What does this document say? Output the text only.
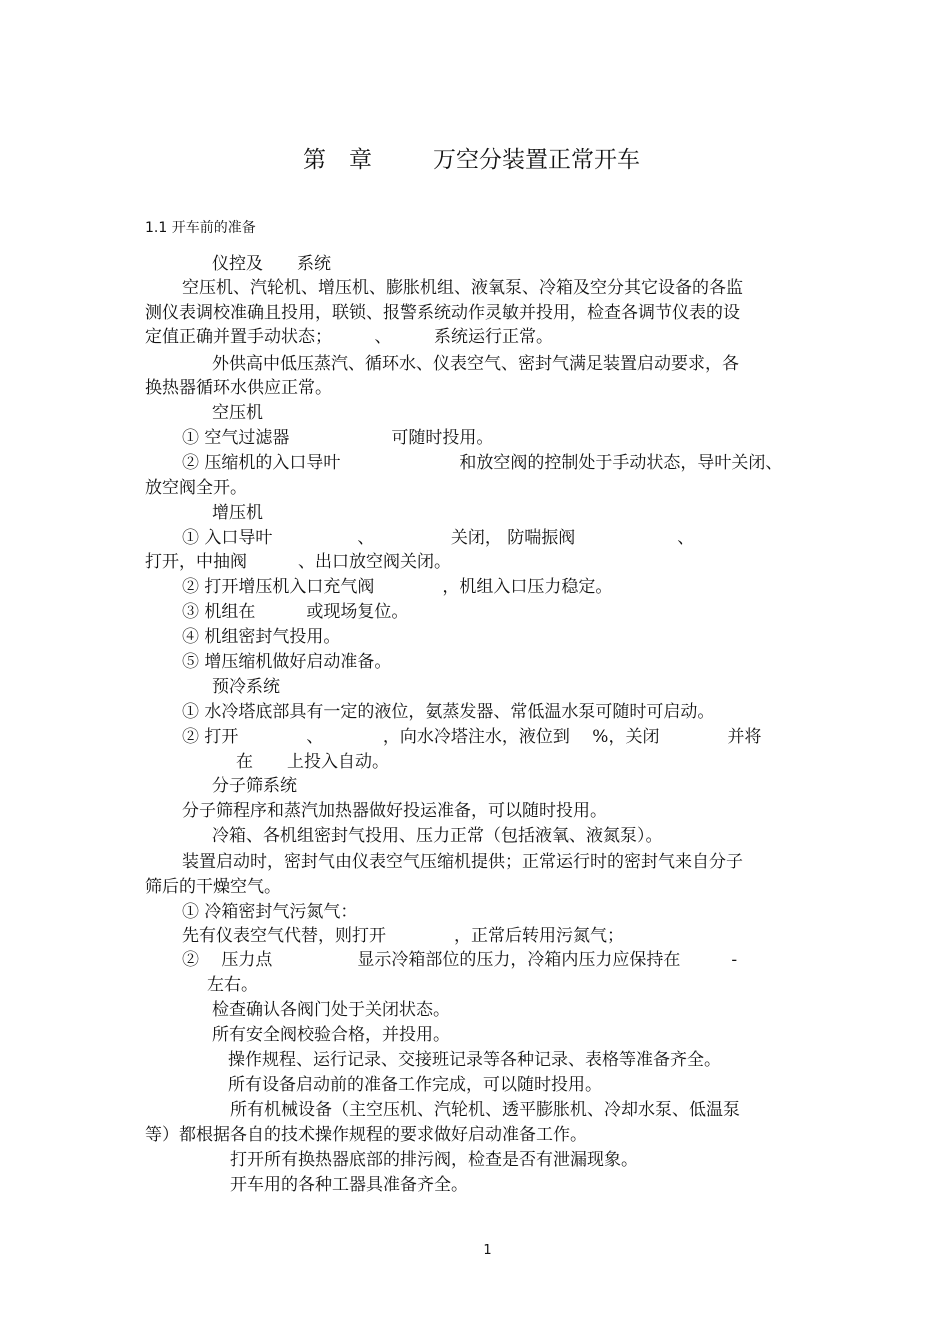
第　章	万空分装置正常开车
1.1 开车前的准备
仪控及　　系统
空压机、汽轮机、增压机、膨胀机组、液氧泵、冷箱及空分其它设备的各监
测仪表调校准确且投用，联锁、报警系统动作灵敏并投用，检查各调节仪表的设
定值正确并置手动状态；　　　、　　　系统运行正常。
外供高中低压蒸汽、循环水、仪表空气、密封气满足装置启动要求，各
换热器循环水供应正常。
空压机
① 空气过滤器　　　　　　可随时投用。
② 压缩机的入口导叶　　　　　　　和放空阀的控制处于手动状态，导叶关闭、
放空阀全开。
增压机
① 入口导叶　　　　　、　　　　　关闭， 防喘振阀　　　　　　、
打开，中抽阀　　　、出口放空阀关闭。
② 打开增压机入口充气阀　　　　，机组入口压力稳定。
③ 机组在　　　或现场复位。
④ 机组密封气投用。
⑤ 增压缩机做好启动准备。
预冷系统
① 水冷塔底部具有一定的液位，氨蒸发器、常低温水泵可随时可启动。
② 打开　　　　、　　　　，向水冷塔注水，液位到　 %，关闭　　　　并将
在　　上投入自动。
分子筛系统
分子筛程序和蒸汽加热器做好投运准备，可以随时投用。
冷箱、各机组密封气投用、压力正常（包括液氧、液氮泵）。
装置启动时，密封气由仪表空气压缩机提供；正常运行时的密封气来自分子
筛后的干燥空气。
① 冷箱密封气污氮气：
先有仪表空气代替，则打开　　　　，正常后转用污氮气；
②　 压力点　　　　　显示冷箱部位的压力，冷箱内压力应保持在　　　-
左右。
检查确认各阀门处于关闭状态。
所有安全阀校验合格，并投用。
操作规程、运行记录、交接班记录等各种记录、表格等准备齐全。
所有设备启动前的准备工作完成，可以随时投用。
所有机械设备（主空压机、汽轮机、透平膨胀机、冷却水泵、低温泵
等）都根据各自的技术操作规程的要求做好启动准备工作。
打开所有换热器底部的排污阀，检查是否有泄漏现象。
开车用的各种工器具准备齐全。
1
